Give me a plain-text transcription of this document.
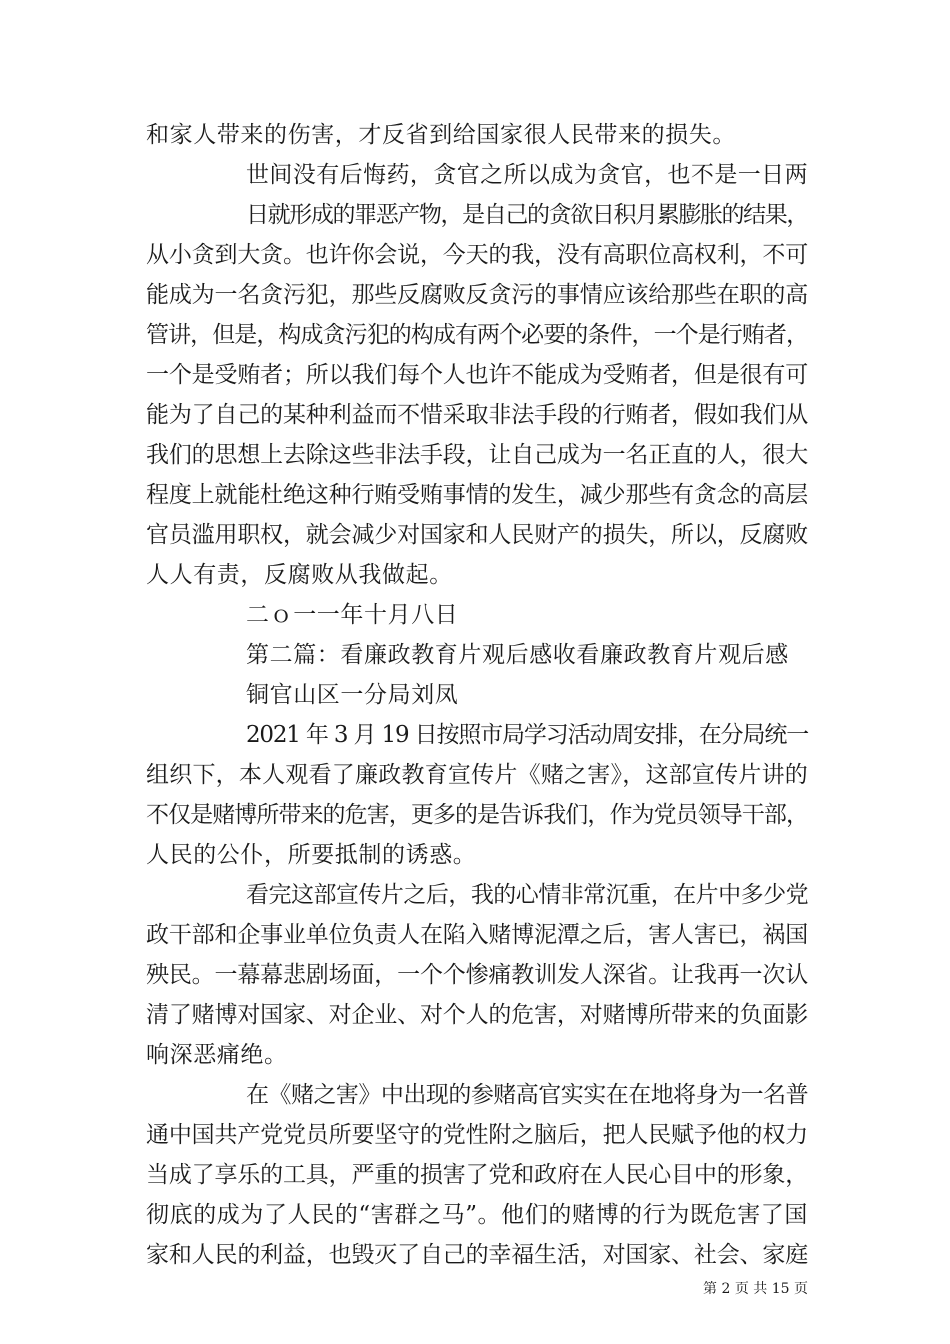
和家人带来的伤害，才反省到给国家很人民带来的损失。
世间没有后悔药，贪官之所以成为贪官，也不是一日两
日就形成的罪恶产物，是自己的贪欲日积月累膨胀的结果，
从小贪到大贪。也许你会说，今天的我，没有高职位高权利，不可
能成为一名贪污犯，那些反腐败反贪污的事情应该给那些在职的高
管讲，但是，构成贪污犯的构成有两个必要的条件，一个是行贿者，
一个是受贿者；所以我们每个人也许不能成为受贿者，但是很有可
能为了自己的某种利益而不惜采取非法手段的行贿者，假如我们从
我们的思想上去除这些非法手段，让自己成为一名正直的人，很大
程度上就能杜绝这种行贿受贿事情的发生，减少那些有贪念的高层
官员滥用职权，就会减少对国家和人民财产的损失，所以，反腐败
人人有责，反腐败从我做起。
二ｏ一一年十月八日
第二篇：看廉政教育片观后感收看廉政教育片观后感
铜官山区一分局刘凤
2021 年 3 月 19 日按照市局学习活动周安排，在分局统一
组织下，本人观看了廉政教育宣传片《赌之害》，这部宣传片讲的
不仅是赌博所带来的危害，更多的是告诉我们，作为党员领导干部，
人民的公仆，所要抵制的诱惑。
看完这部宣传片之后，我的心情非常沉重，在片中多少党
政干部和企事业单位负责人在陷入赌博泥潭之后，害人害已，祸国
殃民。一幕幕悲剧场面，一个个惨痛教训发人深省。让我再一次认
清了赌博对国家、对企业、对个人的危害，对赌博所带来的负面影
响深恶痛绝。
在《赌之害》中出现的参赌高官实实在在地将身为一名普
通中国共产党党员所要坚守的党性附之脑后，把人民赋予他的权力
当成了享乐的工具，严重的损害了党和政府在人民心目中的形象，
彻底的成为了人民的“害群之马”。他们的赌博的行为既危害了国
家和人民的利益，也毁灭了自己的幸福生活，对国家、社会、家庭
第 2 页 共 15 页
